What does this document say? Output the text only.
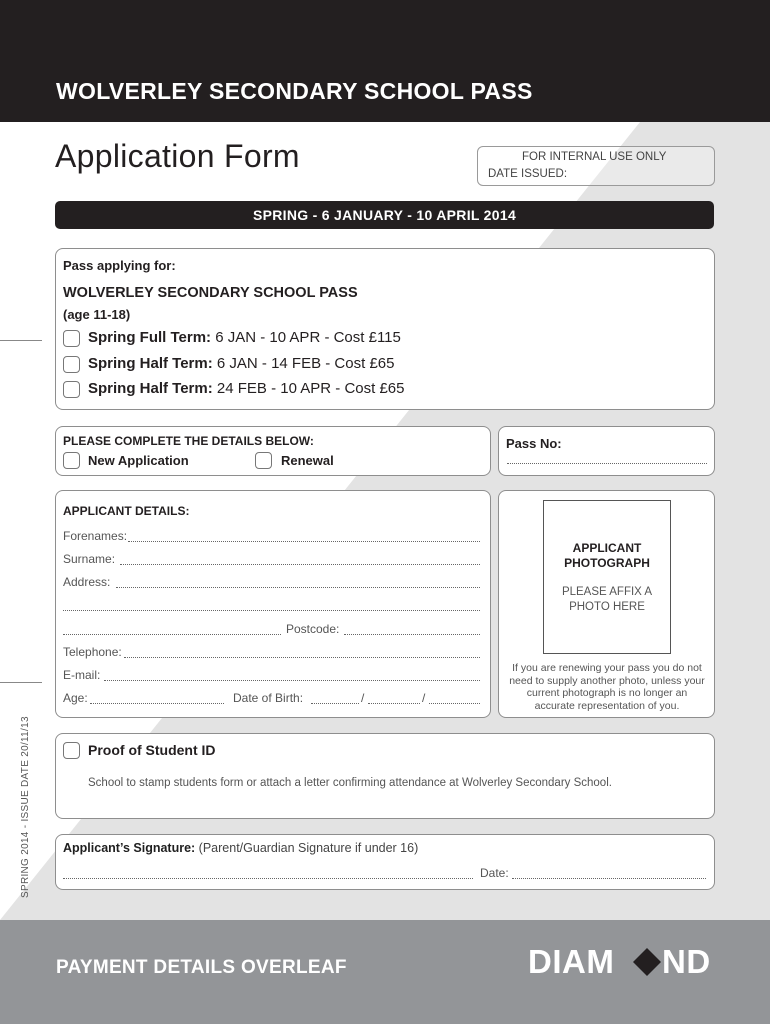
WOLVERLEY SECONDARY SCHOOL PASS
Application Form	FOR INTERNAL USE ONLY
DATE ISSUED:
SPRING - 6 JANUARY - 10 APRIL 2014
Pass applying for:
WOLVERLEY SECONDARY SCHOOL PASS
(age 11-18)
Spring Full Term: 6 JAN - 10 APR - Cost £115
Spring Half Term: 6 JAN - 14 FEB - Cost £65
Spring Half Term: 24 FEB - 10 APR - Cost £65
PLEASE COMPLETE THE DETAILS BELOW:
New Application	Renewal
Pass No:
APPLICANT DETAILS:
Forenames:
Surname:
Address:
Postcode:
Telephone:
E-mail:
Age:	Date of Birth:	/	/
APPLICANT
PHOTOGRAPH
PLEASE AFFIX A
PHOTO HERE
If you are renewing your pass you do not need to supply another photo, unless your current photograph is no longer an accurate representation of you.
Proof of Student ID
School to stamp students form or attach a letter confirming attendance at Wolverley Secondary School.
Applicant’s Signature: (Parent/Guardian Signature if under 16)
Date:
SPRING 2014 - ISSUE DATE 20/11/13
PAYMENT DETAILS OVERLEAF	DIAM ND
